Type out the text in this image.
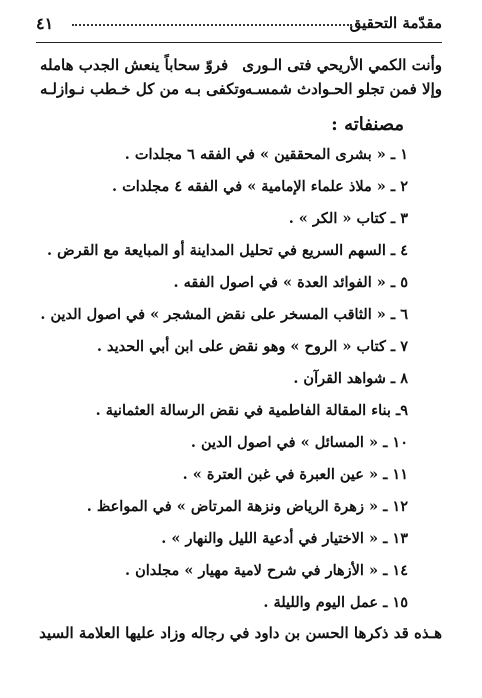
مقدّمة التحقيق
٤١
وأنت الكمي الأريحي فتى الـورى
فروّ سحاباً ينعش الجدب هامله
وإلا فمن تجلو الحـوادث شمسـه
وتكفى بـه من كل خـطب نـوازلـه
مصنفاته :
١ ـ « بشرى المحققين » في الفقه ٦ مجلدات .
٢ ـ « ملاذ علماء الإمامية » في الفقه ٤ مجلدات .
٣ ـ كتاب « الكر » .
٤ ـ السهم السريع في تحليل المداينة أو المبايعة مع القرض .
٥ ـ « الفوائد العدة » في اصول الفقه .
٦ ـ « الثاقب المسخر على نقض المشجر » في اصول الدين .
٧ ـ كتاب « الروح » وهو نقض على ابن أبي الحديد .
٨ ـ شواهد القرآن .
٩ـ بناء المقالة الفاطمية في نقض الرسالة العثمانية .
١٠ ـ « المسائل » في اصول الدين .
١١ ـ « عين العبرة في غبن العترة » .
١٢ ـ « زهرة الرياض ونزهة المرتاض » في المواعظ .
١٣ ـ « الاختيار في أدعية الليل والنهار » .
١٤ ـ « الأزهار في شرح لامية مهيار » مجلدان .
١٥ ـ عمل اليوم والليلة .
هـذه قد ذكرها الحسن بن داود في رجاله وزاد عليها العلامة السيد
